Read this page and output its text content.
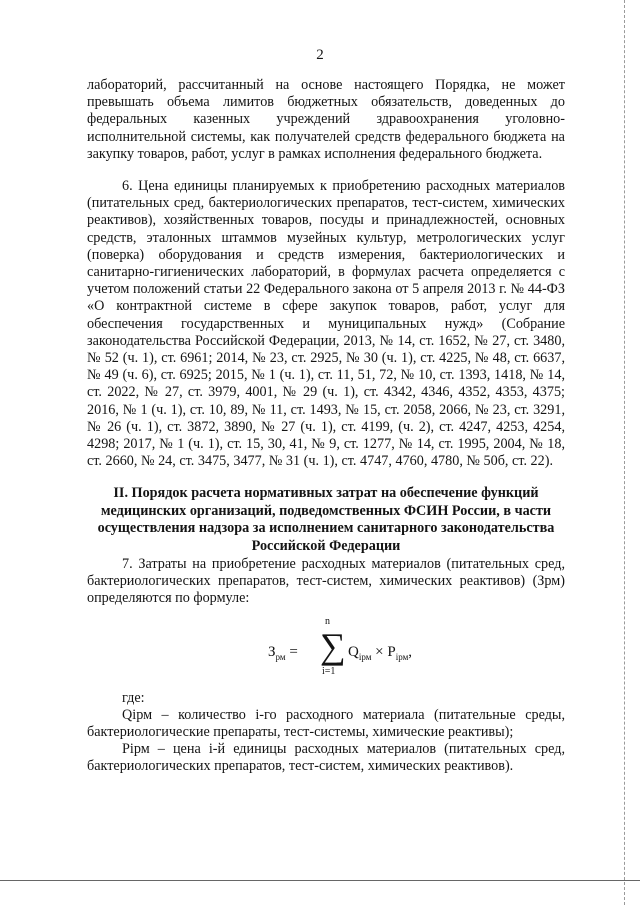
2

лабораторий, рассчитанный на основе настоящего Порядка, не может превышать объема лимитов бюджетных обязательств, доведенных до федеральных казенных учреждений здравоохранения уголовно-исполнительной системы, как получателей средств федерального бюджета на закупку товаров, работ, услуг в рамках исполнения федерального бюджета.

6. Цена единицы планируемых к приобретению расходных материалов (питательных сред, бактериологических препаратов, тест-систем, химических реактивов), хозяйственных товаров, посуды и принадлежностей, основных средств, эталонных штаммов музейных культур, метрологических услуг (поверка) оборудования и средств измерения, бактериологических и санитарно-гигиенических лабораторий, в формулах расчета определяется с учетом положений статьи 22 Федерального закона от 5 апреля 2013 г. № 44-ФЗ «О контрактной системе в сфере закупок товаров, работ, услуг для обеспечения государственных и муниципальных нужд» (Собрание законодательства Российской Федерации, 2013, № 14, ст. 1652, № 27, ст. 3480, № 52 (ч. 1), ст. 6961; 2014, № 23, ст. 2925, № 30 (ч. 1), ст. 4225, № 48, ст. 6637, № 49 (ч. 6), ст. 6925; 2015, № 1 (ч. 1), ст. 11, 51, 72, № 10, ст. 1393, 1418, № 14, ст. 2022, № 27, ст. 3979, 4001, № 29 (ч. 1), ст. 4342, 4346, 4352, 4353, 4375; 2016, № 1 (ч. 1), ст. 10, 89, № 11, ст. 1493, № 15, ст. 2058, 2066, № 23, ст. 3291, № 26 (ч. 1), ст. 3872, 3890, № 27 (ч. 1), ст. 4199, (ч. 2), ст. 4247, 4253, 4254, 4298; 2017, № 1 (ч. 1), ст. 15, 30, 41, № 9, ст. 1277, № 14, ст. 1995, 2004, № 18, ст. 2660, № 24, ст. 3475, 3477, № 31 (ч. 1), ст. 4747, 4760, 4780, № 50б, ст. 22).

II. Порядок расчета нормативных затрат на обеспечение функций медицинских организаций, подведомственных ФСИН России, в части осуществления надзора за исполнением санитарного законодательства Российской Федерации

7. Затраты на приобретение расходных материалов (питательных сред, бактериологических препаратов, тест-систем, химических реактивов) (Зрм) определяются по формуле:

$З_{рм}$ =
n
∑
i=1
$Q_{iрм} \times P_{iрм}$,

где:

Qiрм – количество i-го расходного материала (питательные среды, бактериологические препараты, тест-системы, химические реактивы);

Piрм – цена i-й единицы расходных материалов (питательных сред, бактериологических препаратов, тест-систем, химических реактивов).
